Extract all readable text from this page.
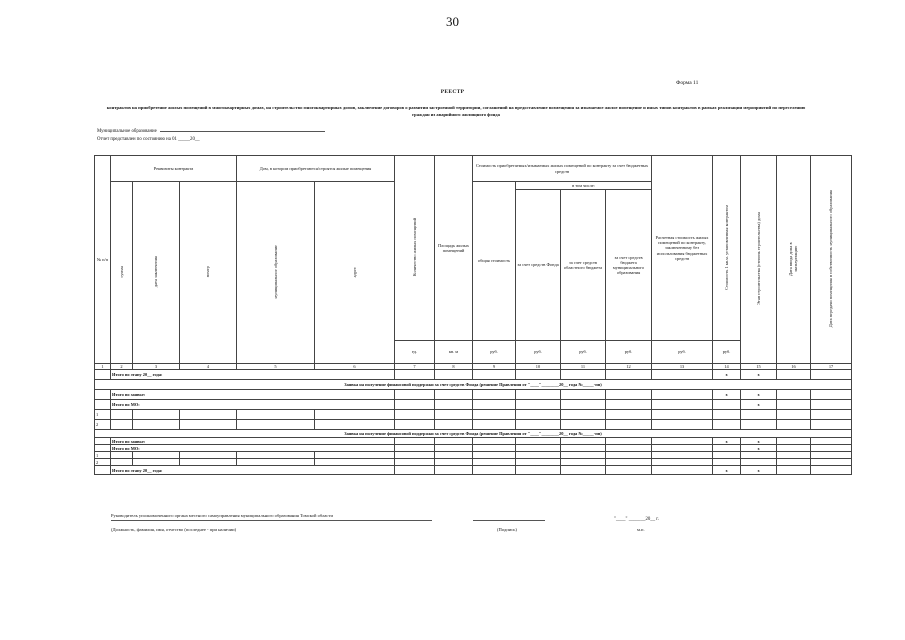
30
Форма 11
РЕЕСТР
контрактов на приобретение жилых помещений в многоквартирных домах, на строительство многоквартирных домов, заключение договоров о развитии застроенной территории, соглашений на предоставление возмещения за изымаемое жилое помещение и иных типов контрактов в рамках реализации мероприятий по переселению граждан из аварийного жилищного фонда
Муниципальное образование
Отчет представлен по состоянию на 01 _____20__
№ п/п	Реквизиты контракта			Дом, в котором приобретаются/строятся жилые помещения		Количество жилых помещений	Площадь жилых помещений	Стоимость приобретаемых/изымаемых жилых помещений по контракту за счет бюджетных средств				Расчетная стоимость жилых помещений по контракту, заключенному без использования бюджетных средств	Стоимость 1 кв.м. установленная контрактом	Этап строительства (степень строительства) дома	Дата ввода дома в эксплуатацию	Дата передачи помещения в собственность муниципального образования
	сумма	дата заключения	номер	муниципальное образование	адрес			общая стоимость	в том числе:							
									за счет средств Фонда	за счет средств областного бюджета	за счет средств бюджета муниципального образования					
						ед.	кв. м	руб.	руб.	руб.	руб.	руб.	руб.			
1	2	3	4	5	6	7	8	9	10	11	12	13	14	15	16	17
	Итого по этапу 20__ года:												x	x		
Заявка на получение финансовой поддержки за счет средств Фонда (решение Правления от "____"________20__ года №_____-пп)																
	Итого по заявке:												x	x		
	Итого по МО:													x		
1																
2																
Заявка на получение финансовой поддержки за счет средств Фонда (решение Правления от "____"________20__ года №_____-пп)																
	Итого по заявке:												x	x		
	Итого по МО:													x		
1																
2																
	Итого по этапу 20__ года:												x	x		
Руководитель уполномоченного органа местного самоуправления муниципального образования Томской области
(Должность, фамилия, имя, отчество (последнее - при наличии)	(Подпись)
"____" _______20__ г.
м.п.
